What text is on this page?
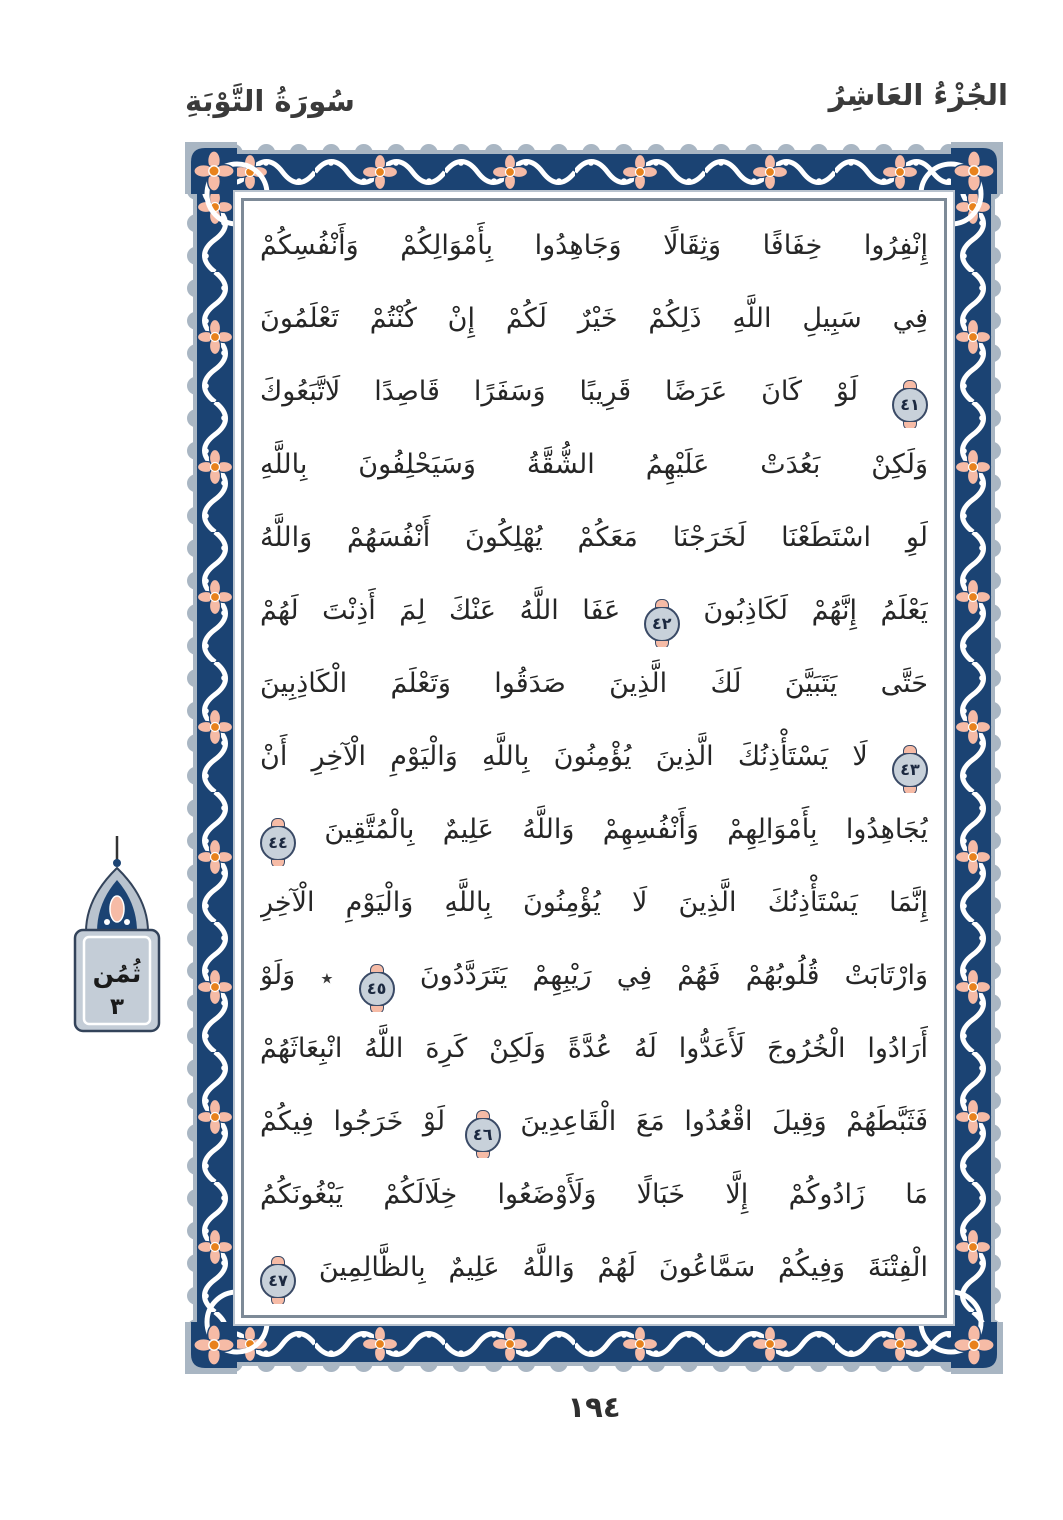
سُورَةُ التَّوْبَةِ	الجُزْءُ العَاشِرُ
إِنْفِرُوا خِفَافًا وَثِقَالًا وَجَاهِدُوا بِأَمْوَالِكُمْ وَأَنْفُسِكُمْ
فِي سَبِيلِ اللَّهِ ذَلِكُمْ خَيْرٌ لَكُمْ إِنْ كُنْتُمْ تَعْلَمُونَ
٤١ لَوْ كَانَ عَرَضًا قَرِيبًا وَسَفَرًا قَاصِدًا لَاتَّبَعُوكَ
وَلَكِنْ بَعُدَتْ عَلَيْهِمُ الشُّقَّةُ وَسَيَحْلِفُونَ بِاللَّهِ
لَوِ اسْتَطَعْنَا لَخَرَجْنَا مَعَكُمْ يُهْلِكُونَ أَنْفُسَهُمْ وَاللَّهُ
يَعْلَمُ إِنَّهُمْ لَكَاذِبُونَ ٤٢ عَفَا اللَّهُ عَنْكَ لِمَ أَذِنْتَ لَهُمْ
حَتَّى يَتَبَيَّنَ لَكَ الَّذِينَ صَدَقُوا وَتَعْلَمَ الْكَاذِبِينَ
٤٣ لَا يَسْتَأْذِنُكَ الَّذِينَ يُؤْمِنُونَ بِاللَّهِ وَالْيَوْمِ الْآخِرِ أَنْ
يُجَاهِدُوا بِأَمْوَالِهِمْ وَأَنْفُسِهِمْ وَاللَّهُ عَلِيمٌ بِالْمُتَّقِينَ ٤٤
إِنَّمَا يَسْتَأْذِنُكَ الَّذِينَ لَا يُؤْمِنُونَ بِاللَّهِ وَالْيَوْمِ الْآخِرِ
وَارْتَابَتْ قُلُوبُهُمْ فَهُمْ فِي رَيْبِهِمْ يَتَرَدَّدُونَ ٤٥ ٭ وَلَوْ
أَرَادُوا الْخُرُوجَ لَأَعَدُّوا لَهُ عُدَّةً وَلَكِنْ كَرِهَ اللَّهُ انْبِعَاثَهُمْ
فَثَبَّطَهُمْ وَقِيلَ اقْعُدُوا مَعَ الْقَاعِدِينَ ٤٦ لَوْ خَرَجُوا فِيكُمْ
مَا زَادُوكُمْ إِلَّا خَبَالًا وَلَأَوْضَعُوا خِلَالَكُمْ يَبْغُونَكُمُ
الْفِتْنَةَ وَفِيكُمْ سَمَّاعُونَ لَهُمْ وَاللَّهُ عَلِيمٌ بِالظَّالِمِينَ ٤٧
ثُمُن
٣
١٩٤
